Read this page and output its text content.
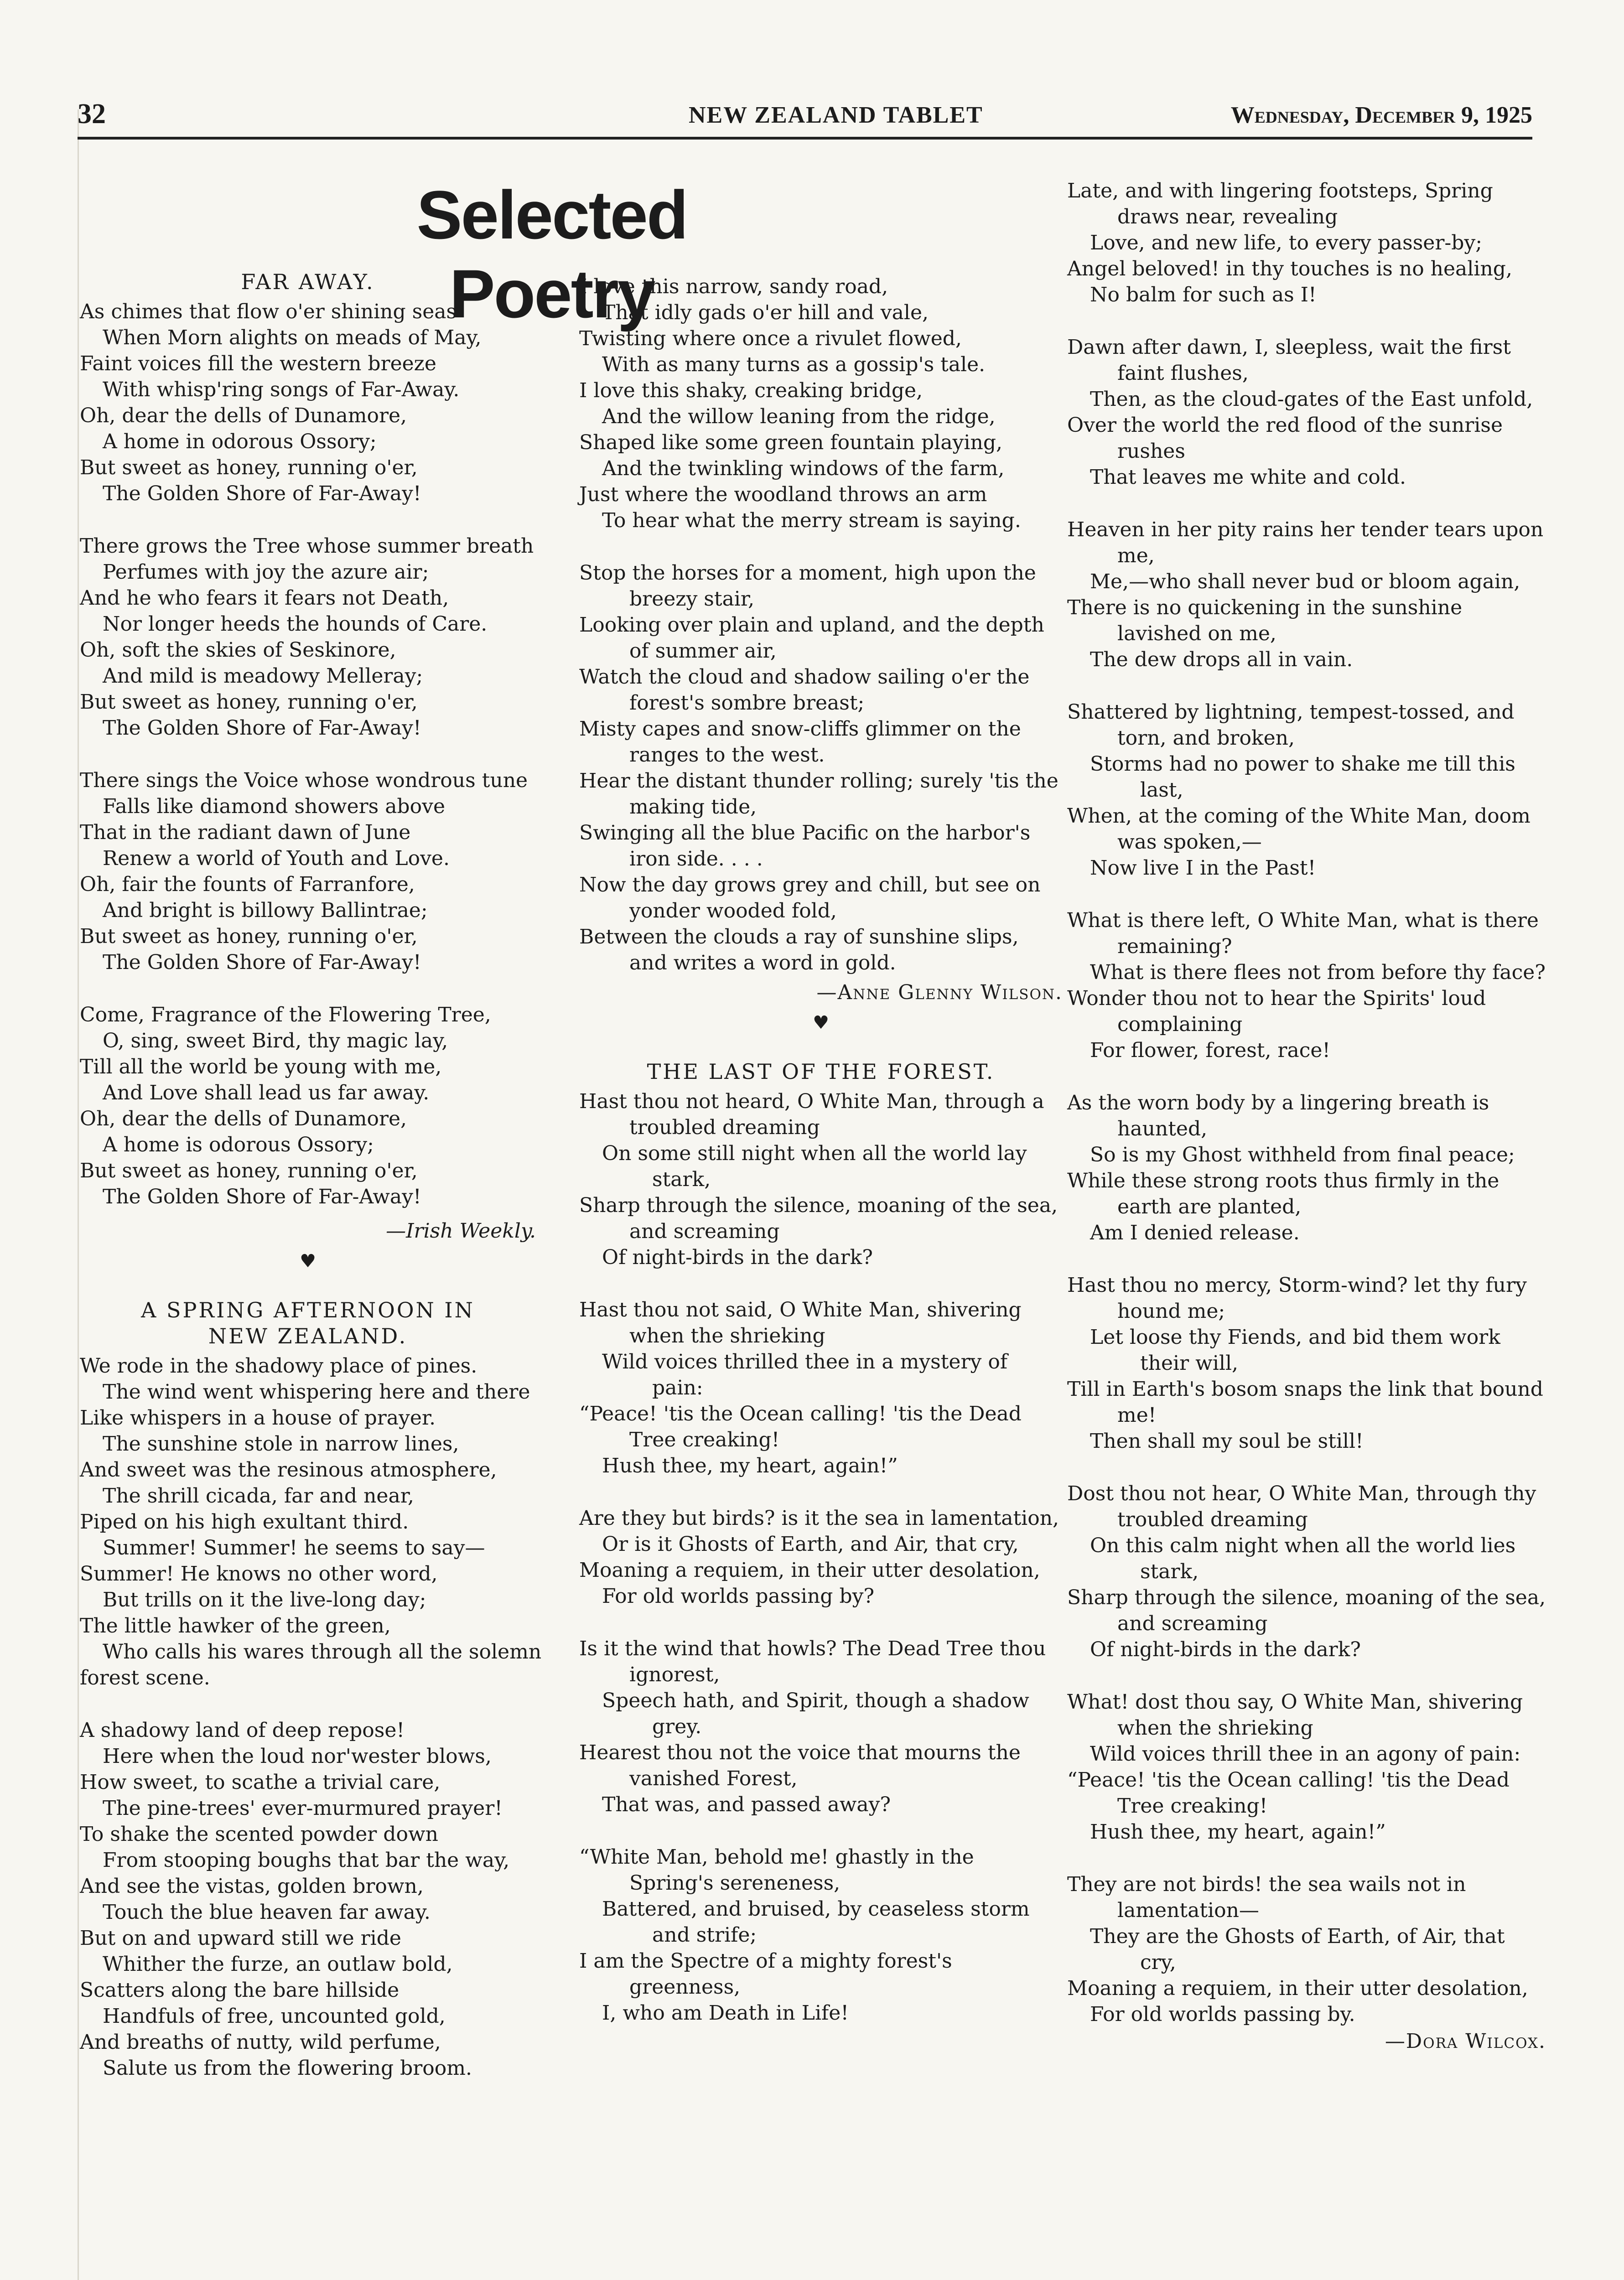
32	NEW ZEALAND TABLET	Wednesday, December 9, 1925
Selected Poetry
FAR AWAY.
As chimes that flow o'er shining seas
When Morn alights on meads of May,
Faint voices fill the western breeze
With whisp'ring songs of Far-Away.
Oh, dear the dells of Dunamore,
A home in odorous Ossory;
But sweet as honey, running o'er,
The Golden Shore of Far-Away!
There grows the Tree whose summer breath
Perfumes with joy the azure air;
And he who fears it fears not Death,
Nor longer heeds the hounds of Care.
Oh, soft the skies of Seskinore,
And mild is meadowy Melleray;
But sweet as honey, running o'er,
The Golden Shore of Far-Away!
There sings the Voice whose wondrous tune
Falls like diamond showers above
That in the radiant dawn of June
Renew a world of Youth and Love.
Oh, fair the founts of Farranfore,
And bright is billowy Ballintrae;
But sweet as honey, running o'er,
The Golden Shore of Far-Away!
Come, Fragrance of the Flowering Tree,
O, sing, sweet Bird, thy magic lay,
Till all the world be young with me,
And Love shall lead us far away.
Oh, dear the dells of Dunamore,
A home is odorous Ossory;
But sweet as honey, running o'er,
The Golden Shore of Far-Away!
—Irish Weekly.
♥
A SPRING AFTERNOON IN
NEW ZEALAND.
We rode in the shadowy place of pines.
The wind went whispering here and there
Like whispers in a house of prayer.
The sunshine stole in narrow lines,
And sweet was the resinous atmosphere,
The shrill cicada, far and near,
Piped on his high exultant third.
Summer! Summer! he seems to say—
Summer! He knows no other word,
But trills on it the live-long day;
The little hawker of the green,
Who calls his wares through all the solemn
forest scene.
A shadowy land of deep repose!
Here when the loud nor'wester blows,
How sweet, to scathe a trivial care,
The pine-trees' ever-murmured prayer!
To shake the scented powder down
From stooping boughs that bar the way,
And see the vistas, golden brown,
Touch the blue heaven far away.
But on and upward still we ride
Whither the furze, an outlaw bold,
Scatters along the bare hillside
Handfuls of free, uncounted gold,
And breaths of nutty, wild perfume,
Salute us from the flowering broom.
I love this narrow, sandy road,
That idly gads o'er hill and vale,
Twisting where once a rivulet flowed,
With as many turns as a gossip's tale.
I love this shaky, creaking bridge,
And the willow leaning from the ridge,
Shaped like some green fountain playing,
And the twinkling windows of the farm,
Just where the woodland throws an arm
To hear what the merry stream is saying.
Stop the horses for a moment, high upon the breezy stair,
Looking over plain and upland, and the depth of summer air,
Watch the cloud and shadow sailing o'er the forest's sombre breast;
Misty capes and snow-cliffs glimmer on the ranges to the west.
Hear the distant thunder rolling; surely 'tis the making tide,
Swinging all the blue Pacific on the harbor's iron side. . . .
Now the day grows grey and chill, but see on yonder wooded fold,
Between the clouds a ray of sunshine slips, and writes a word in gold.
—Anne Glenny Wilson.
♥
THE LAST OF THE FOREST.
Hast thou not heard, O White Man, through a troubled dreaming
On some still night when all the world lay stark,
Sharp through the silence, moaning of the sea, and screaming
Of night-birds in the dark?
Hast thou not said, O White Man, shivering when the shrieking
Wild voices thrilled thee in a mystery of pain:
“Peace! 'tis the Ocean calling! 'tis the Dead Tree creaking!
Hush thee, my heart, again!”
Are they but birds? is it the sea in lamentation,
Or is it Ghosts of Earth, and Air, that cry,
Moaning a requiem, in their utter desolation,
For old worlds passing by?
Is it the wind that howls? The Dead Tree thou ignorest,
Speech hath, and Spirit, though a shadow grey.
Hearest thou not the voice that mourns the vanished Forest,
That was, and passed away?
“White Man, behold me! ghastly in the Spring's sereneness,
Battered, and bruised, by ceaseless storm and strife;
I am the Spectre of a mighty forest's greenness,
I, who am Death in Life!
Late, and with lingering footsteps, Spring draws near, revealing
Love, and new life, to every passer-by;
Angel beloved! in thy touches is no healing,
No balm for such as I!
Dawn after dawn, I, sleepless, wait the first faint flushes,
Then, as the cloud-gates of the East unfold,
Over the world the red flood of the sunrise rushes
That leaves me white and cold.
Heaven in her pity rains her tender tears upon me,
Me,—who shall never bud or bloom again,
There is no quickening in the sunshine lavished on me,
The dew drops all in vain.
Shattered by lightning, tempest-tossed, and torn, and broken,
Storms had no power to shake me till this last,
When, at the coming of the White Man, doom was spoken,—
Now live I in the Past!
What is there left, O White Man, what is there remaining?
What is there flees not from before thy face?
Wonder thou not to hear the Spirits' loud complaining
For flower, forest, race!
As the worn body by a lingering breath is haunted,
So is my Ghost withheld from final peace;
While these strong roots thus firmly in the earth are planted,
Am I denied release.
Hast thou no mercy, Storm-wind? let thy fury hound me;
Let loose thy Fiends, and bid them work their will,
Till in Earth's bosom snaps the link that bound me!
Then shall my soul be still!
Dost thou not hear, O White Man, through thy troubled dreaming
On this calm night when all the world lies stark,
Sharp through the silence, moaning of the sea, and screaming
Of night-birds in the dark?
What! dost thou say, O White Man, shivering when the shrieking
Wild voices thrill thee in an agony of pain:
“Peace! 'tis the Ocean calling! 'tis the Dead Tree creaking!
Hush thee, my heart, again!”
They are not birds! the sea wails not in lamentation—
They are the Ghosts of Earth, of Air, that cry,
Moaning a requiem, in their utter desolation,
For old worlds passing by.
—Dora Wilcox.
